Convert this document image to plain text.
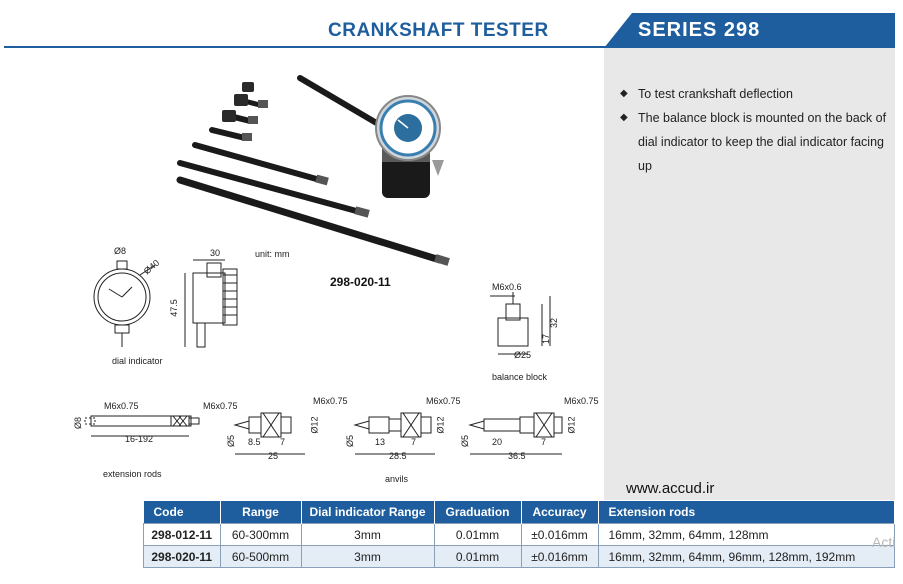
CRANKSHAFT TESTER	SERIES 298
◆ To test crankshaft deflection
◆ The balance block is mounted on the back of dial indicator to keep the dial indicator facing up
unit: mm
298-020-11
Ø8
Ø40
30
47.5
dial indicator
M6x0.6
32
17
Ø25
balance block
M6x0.75	M6x0.75
Ø8
16-192
extension rods
M6x0.75
Ø5
Ø12
8.5 7
25
M6x0.75
Ø5
Ø12
13	7
28.5
anvils
M6x0.75
Ø5
Ø12
20	7
36.5
www.accud.ir
Code	Range	Dial indicator Range	Graduation	Accuracy	Extension rods
298-012-11	60-300mm	3mm	0.01mm	±0.016mm	16mm, 32mm, 64mm, 128mm
298-020-11	60-500mm	3mm	0.01mm	±0.016mm	16mm, 32mm, 64mm, 96mm, 128mm, 192mm
Acti
